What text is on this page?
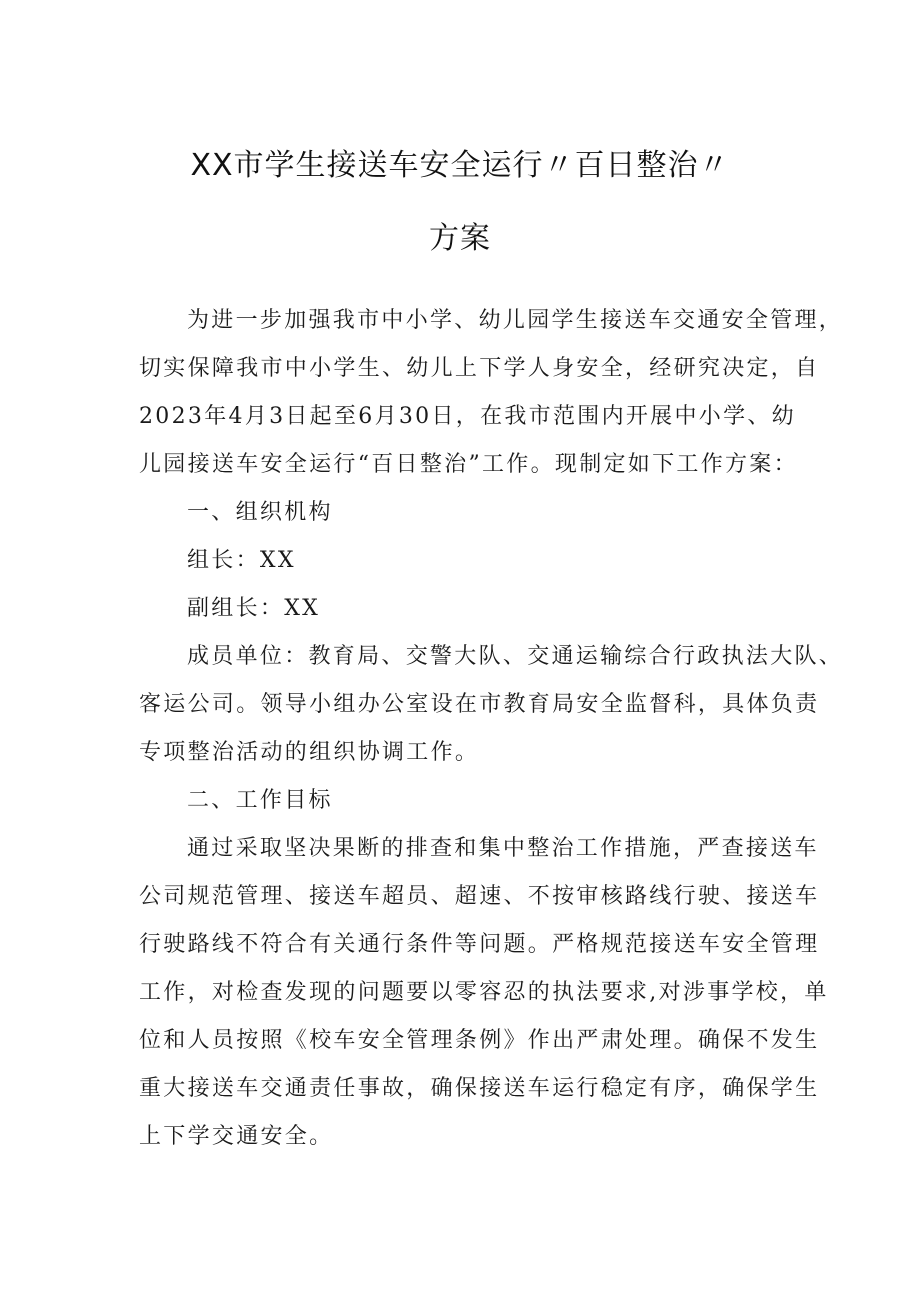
XX市学生接送车安全运行〃百日整治〃
方案

为进一步加强我市中小学、幼儿园学生接送车交通安全管理，
切实保障我市中小学生、幼儿上下学人身安全，经研究决定，自
2023年4月3日起至6月30日，在我市范围内开展中小学、幼
儿园接送车安全运行“百日整治”工作。现制定如下工作方案：

一、组织机构

组长：XX

副组长：XX

成员单位：教育局、交警大队、交通运输综合行政执法大队、
客运公司。领导小组办公室设在市教育局安全监督科，具体负责
专项整治活动的组织协调工作。

二、工作目标

通过采取坚决果断的排查和集中整治工作措施，严查接送车
公司规范管理、接送车超员、超速、不按审核路线行驶、接送车
行驶路线不符合有关通行条件等问题。严格规范接送车安全管理
工作，对检查发现的问题要以零容忍的执法要求,对涉事学校，单
位和人员按照《校车安全管理条例》作出严肃处理。确保不发生
重大接送车交通责任事故，确保接送车运行稳定有序，确保学生
上下学交通安全。
